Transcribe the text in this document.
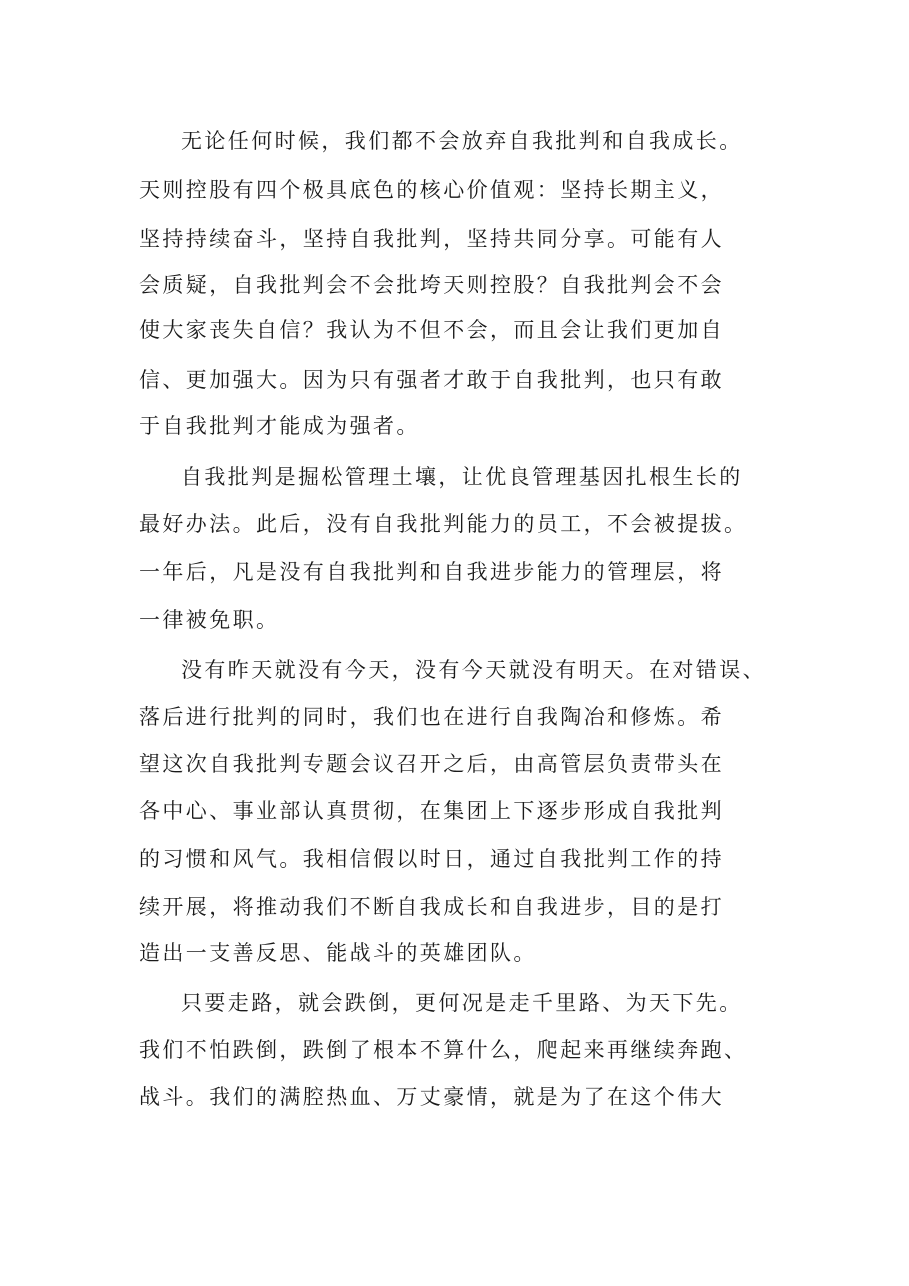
无论任何时候，我们都不会放弃自我批判和自我成长。
天则控股有四个极具底色的核心价值观：坚持长期主义，
坚持持续奋斗，坚持自我批判，坚持共同分享。可能有人
会质疑，自我批判会不会批垮天则控股？自我批判会不会
使大家丧失自信？我认为不但不会，而且会让我们更加自
信、更加强大。因为只有强者才敢于自我批判，也只有敢
于自我批判才能成为强者。
自我批判是掘松管理土壤，让优良管理基因扎根生长的
最好办法。此后，没有自我批判能力的员工，不会被提拔。
一年后，凡是没有自我批判和自我进步能力的管理层，将
一律被免职。
没有昨天就没有今天，没有今天就没有明天。在对错误、
落后进行批判的同时，我们也在进行自我陶冶和修炼。希
望这次自我批判专题会议召开之后，由高管层负责带头在
各中心、事业部认真贯彻，在集团上下逐步形成自我批判
的习惯和风气。我相信假以时日，通过自我批判工作的持
续开展，将推动我们不断自我成长和自我进步，目的是打
造出一支善反思、能战斗的英雄团队。
只要走路，就会跌倒，更何况是走千里路、为天下先。
我们不怕跌倒，跌倒了根本不算什么，爬起来再继续奔跑、
战斗。我们的满腔热血、万丈豪情，就是为了在这个伟大
